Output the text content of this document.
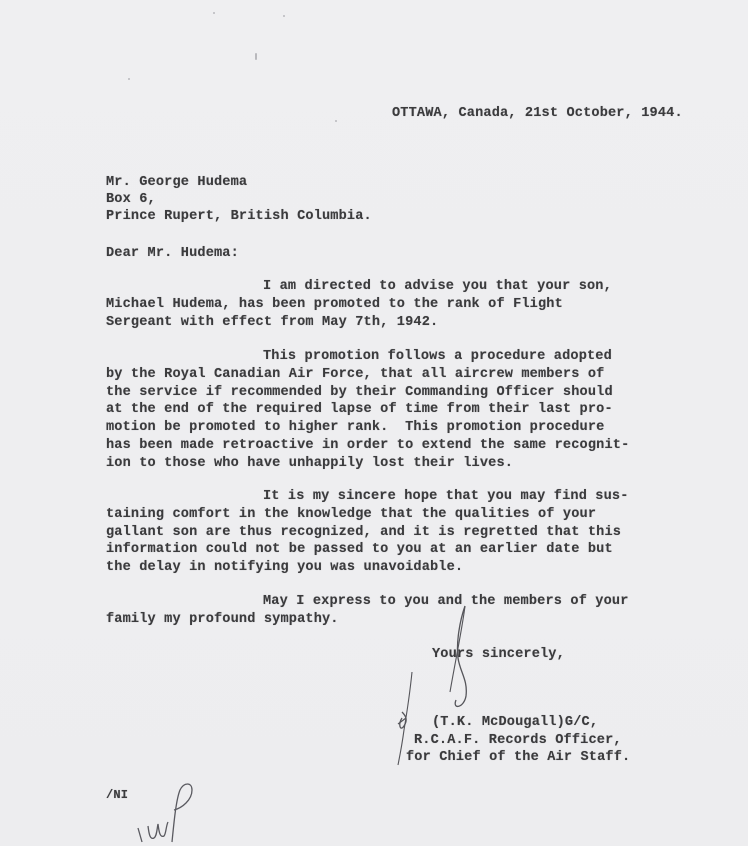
OTTAWA, Canada, 21st October, 1944.
Mr. George Hudema
Box 6,
Prince Rupert, British Columbia.
Dear Mr. Hudema:
I am directed to advise you that your son,
Michael Hudema, has been promoted to the rank of Flight
Sergeant with effect from May 7th, 1942.
This promotion follows a procedure adopted
by the Royal Canadian Air Force, that all aircrew members of
the service if recommended by their Commanding Officer should
at the end of the required lapse of time from their last pro-
motion be promoted to higher rank.  This promotion procedure
has been made retroactive in order to extend the same recognit-
ion to those who have unhappily lost their lives.
It is my sincere hope that you may find sus-
taining comfort in the knowledge that the qualities of your
gallant son are thus recognized, and it is regretted that this
information could not be passed to you at an earlier date but
the delay in notifying you was unavoidable.
May I express to you and the members of your
family my profound sympathy.
Yours sincerely,
(T.K. McDougall)G/C,
R.C.A.F. Records Officer,
for Chief of the Air Staff.
/NI
